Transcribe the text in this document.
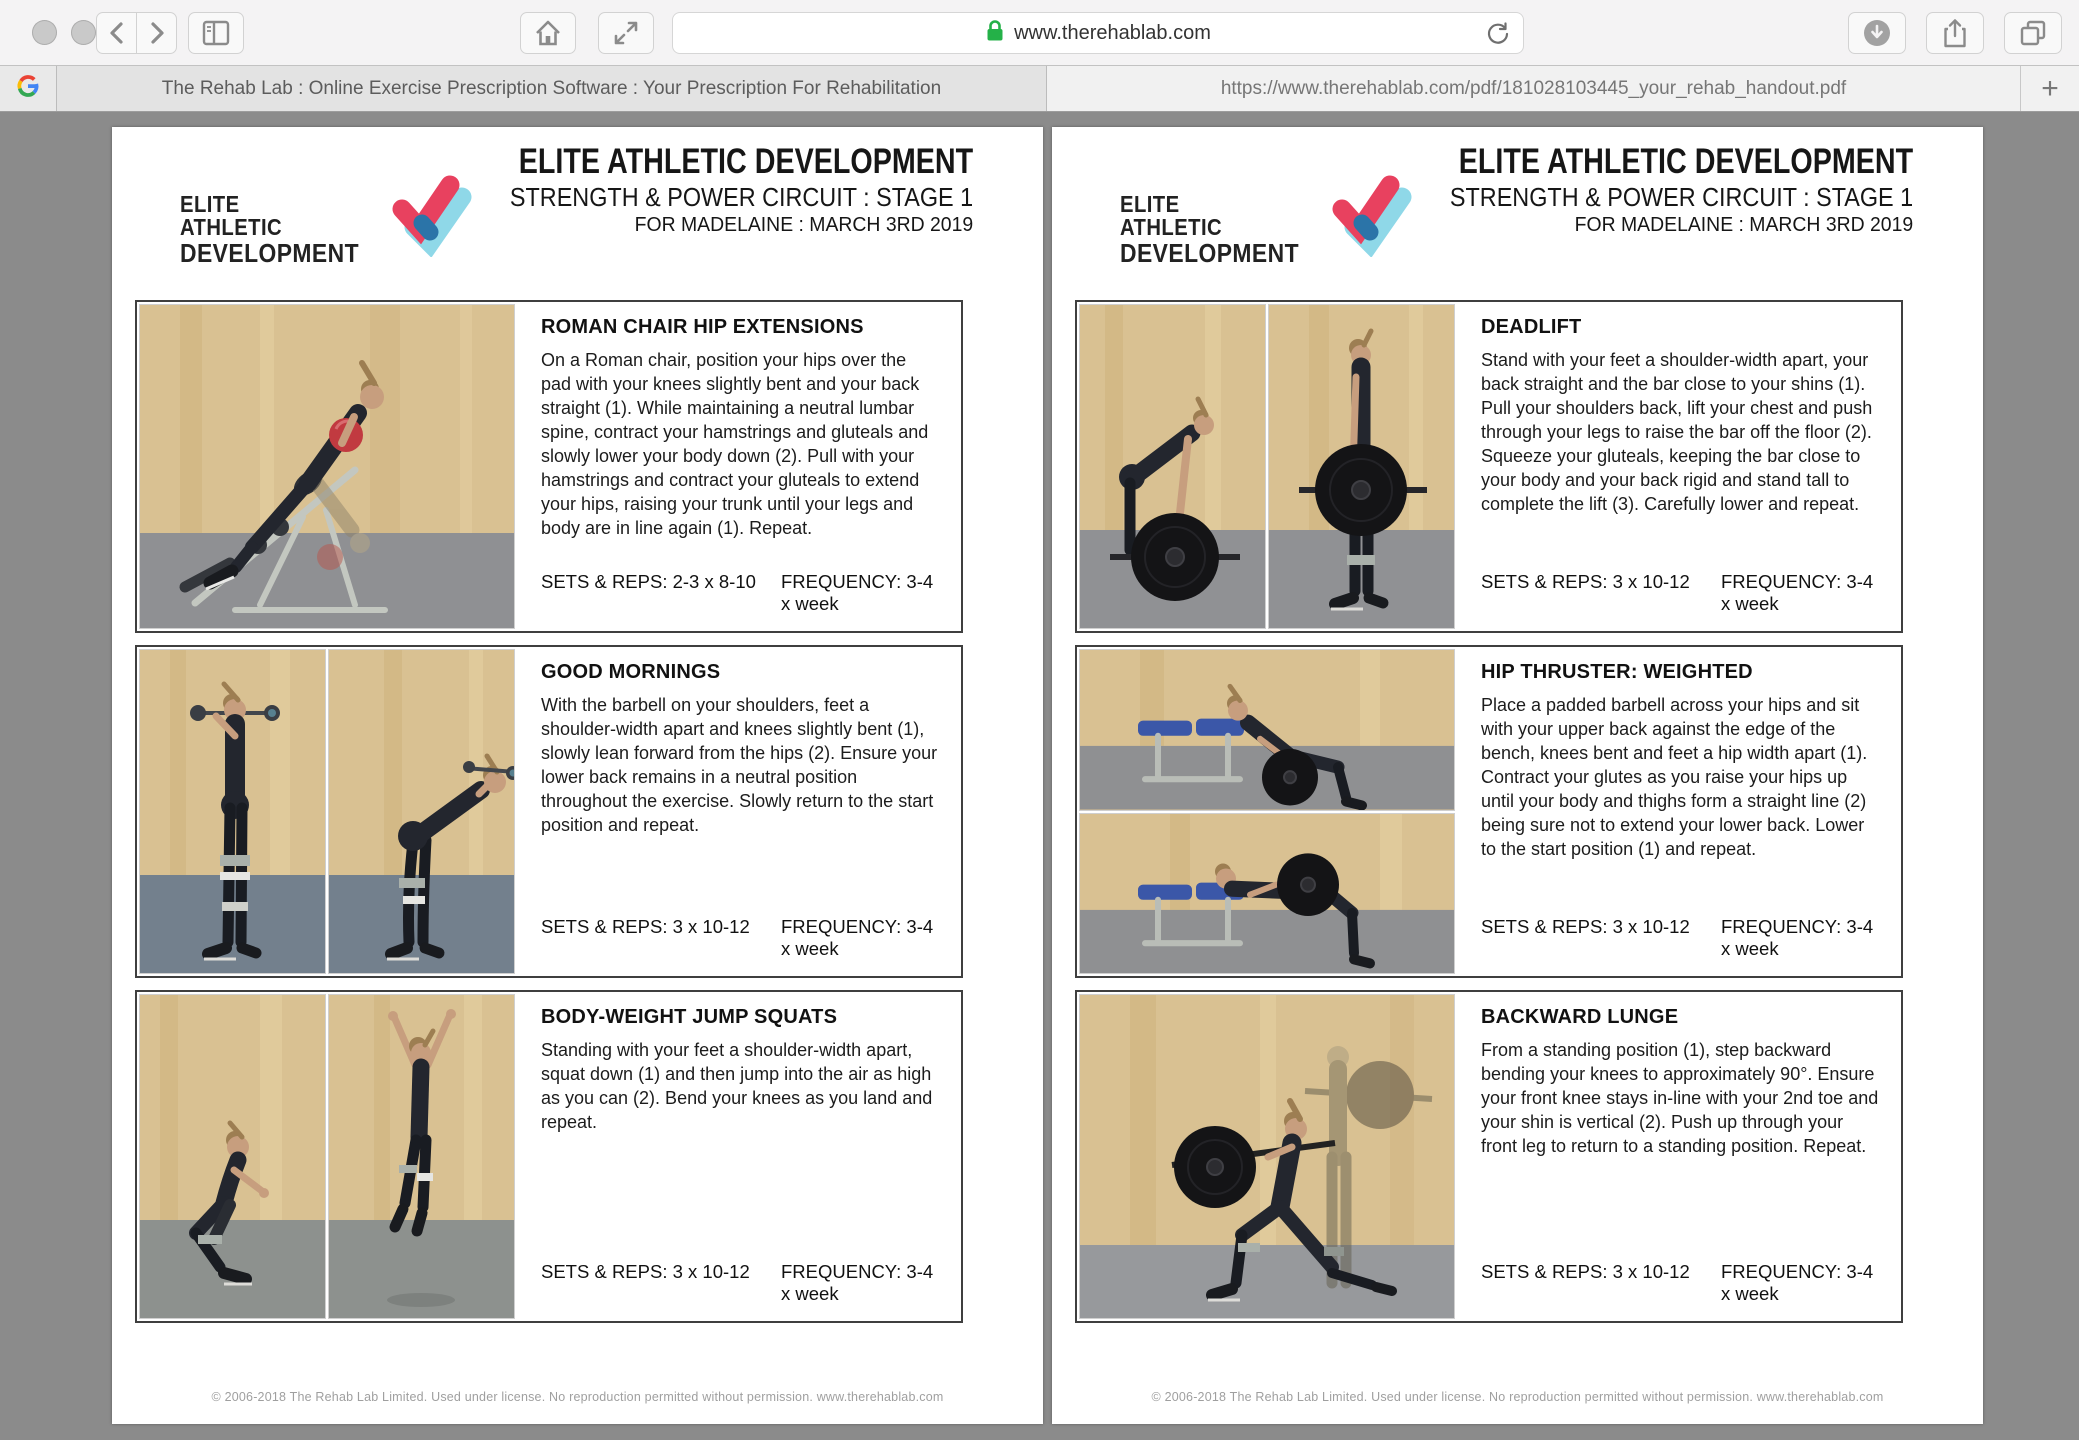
www.therehablab.com
The Rehab Lab : Online Exercise Prescription Software : Your Prescription For Rehabilitation	https://www.therehablab.com/pdf/181028103445_your_rehab_handout.pdf	+
ELITE
ATHLETIC
DEVELOPMENT
ELITE ATHLETIC DEVELOPMENT
STRENGTH & POWER CIRCUIT : STAGE 1
FOR MADELAINE : MARCH 3RD 2019
ROMAN CHAIR HIP EXTENSIONS

On a Roman chair, position your hips over the pad with your knees slightly bent and your back straight (1). While maintaining a neutral lumbar spine, contract your hamstrings and gluteals and slowly lower your body down (2). Pull with your hamstrings and contract your gluteals to extend your hips, raising your trunk until your legs and body are in line again (1). Repeat.

SETS & REPS: 2-3 x 8-10	FREQUENCY: 3-4 x week
GOOD MORNINGS

With the barbell on your shoulders, feet a shoulder-width apart and knees slightly bent (1), slowly lean forward from the hips (2). Ensure your lower back remains in a neutral position throughout the exercise. Slowly return to the start position and repeat.

SETS & REPS: 3 x 10-12	FREQUENCY: 3-4 x week
BODY-WEIGHT JUMP SQUATS

Standing with your feet a shoulder-width apart, squat down (1) and then jump into the air as high as you can (2). Bend your knees as you land and repeat.

SETS & REPS: 3 x 10-12	FREQUENCY: 3-4 x week
© 2006-2018 The Rehab Lab Limited. Used under license. No reproduction permitted without permission. www.therehablab.com
ELITE
ATHLETIC
DEVELOPMENT
ELITE ATHLETIC DEVELOPMENT
STRENGTH & POWER CIRCUIT : STAGE 1
FOR MADELAINE : MARCH 3RD 2019
DEADLIFT

Stand with your feet a shoulder-width apart, your back straight and the bar close to your shins (1). Pull your shoulders back, lift your chest and push through your legs to raise the bar off the floor (2). Squeeze your gluteals, keeping the bar close to your body and your back rigid and stand tall to complete the lift (3). Carefully lower and repeat.

SETS & REPS: 3 x 10-12	FREQUENCY: 3-4 x week
HIP THRUSTER: WEIGHTED

Place a padded barbell across your hips and sit with your upper back against the edge of the bench, knees bent and feet a hip width apart (1). Contract your glutes as you raise your hips up until your body and thighs form a straight line (2) being sure not to extend your lower back. Lower to the start position (1) and repeat.

SETS & REPS: 3 x 10-12	FREQUENCY: 3-4 x week
BACKWARD LUNGE

From a standing position (1), step backward bending your knees to approximately 90°. Ensure your front knee stays in-line with your 2nd toe and your shin is vertical (2). Push up through your front leg to return to a standing position. Repeat.

SETS & REPS: 3 x 10-12	FREQUENCY: 3-4 x week
© 2006-2018 The Rehab Lab Limited. Used under license. No reproduction permitted without permission. www.therehablab.com
